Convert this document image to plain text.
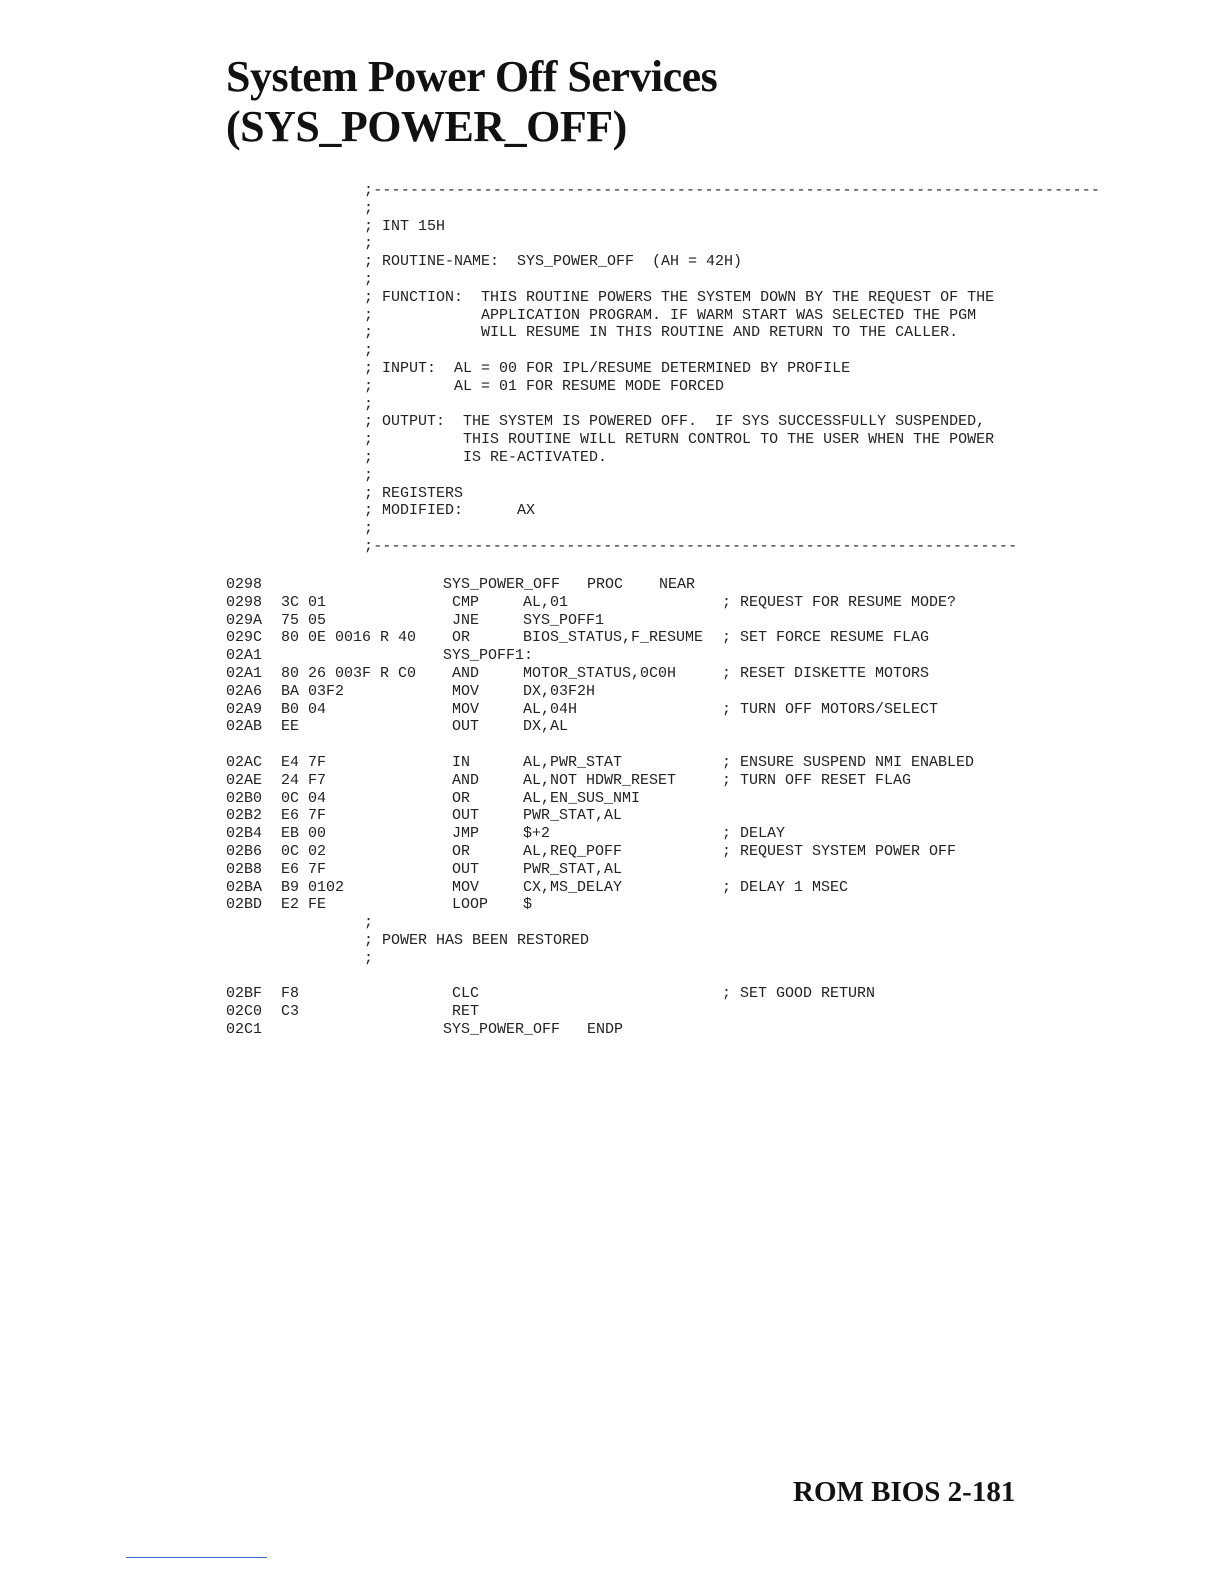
System Power Off Services
(SYS_POWER_OFF)
;-------------------------------------------------------------------------------
;
; INT 15H
;
; ROUTINE-NAME:  SYS_POWER_OFF  (AH = 42H)
;
; FUNCTION:  THIS ROUTINE POWERS THE SYSTEM DOWN BY THE REQUEST OF THE
;            APPLICATION PROGRAM. IF WARM START WAS SELECTED THE PGM
;            WILL RESUME IN THIS ROUTINE AND RETURN TO THE CALLER.
;
; INPUT:  AL = 00 FOR IPL/RESUME DETERMINED BY PROFILE
;         AL = 01 FOR RESUME MODE FORCED
;
; OUTPUT:  THE SYSTEM IS POWERED OFF.  IF SYS SUCCESSFULLY SUSPENDED,
;          THIS ROUTINE WILL RETURN CONTROL TO THE USER WHEN THE POWER
;          IS RE-ACTIVATED.
;
; REGISTERS
; MODIFIED:      AX
;
;----------------------------------------------------------------------
0298	SYS_POWER_OFF   PROC    NEAR
0298 3C 01	CMP	AL,01	; REQUEST FOR RESUME MODE?
029A 75 05	JNE	SYS_POFF1
029C 80 0E 0016 R 40 OR	BIOS_STATUS,F_RESUME ; SET FORCE RESUME FLAG
02A1	SYS_POFF1:
02A1 80 26 003F R C0 AND	MOTOR_STATUS,0C0H	; RESET DISKETTE MOTORS
02A6 BA 03F2	MOV	DX,03F2H
02A9 B0 04	MOV	AL,04H	; TURN OFF MOTORS/SELECT
02AB EE	OUT	DX,AL
02AC E4 7F	IN	AL,PWR_STAT	; ENSURE SUSPEND NMI ENABLED
02AE 24 F7	AND	AL,NOT HDWR_RESET	; TURN OFF RESET FLAG
02B0 0C 04	OR	AL,EN_SUS_NMI
02B2 E6 7F	OUT	PWR_STAT,AL
02B4 EB 00	JMP	$+2	; DELAY
02B6 0C 02	OR	AL,REQ_POFF	; REQUEST SYSTEM POWER OFF
02B8 E6 7F	OUT	PWR_STAT,AL
02BA B9 0102	MOV	CX,MS_DELAY	; DELAY 1 MSEC
02BD E2 FE	LOOP $
;
; POWER HAS BEEN RESTORED
;
02BF F8	CLC	; SET GOOD RETURN
02C0 C3	RET
02C1	SYS_POWER_OFF   ENDP
ROM BIOS 2-181
